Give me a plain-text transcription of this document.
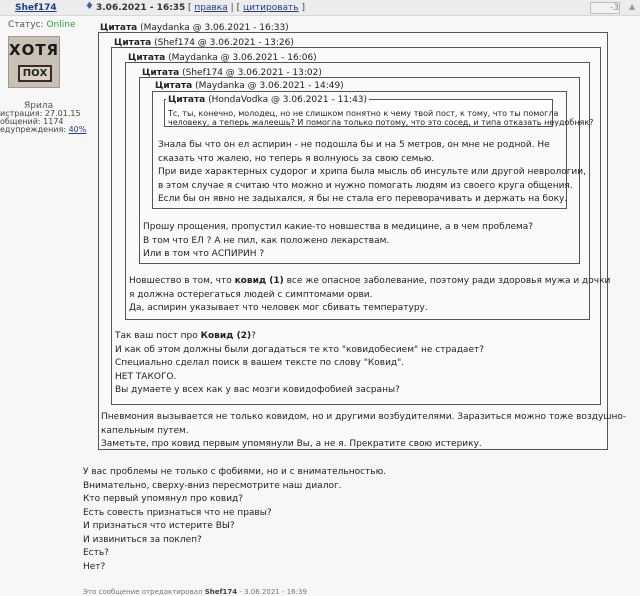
Shef174	♦ 3.06.2021 - 16:35 [ правка | [ цитировать ]	-3 ▲
Статус: Online
ХОТЯ
ПОХ
Ярила
истрация: 27.01.15
общений: 1174
едупреждения: 40%
Цитата (Maydanka @ 3.06.2021 - 16:33)
Цитата (Shef174 @ 3.06.2021 - 13:26)
Цитата (Maydanka @ 3.06.2021 - 16:06)
Цитата (Shef174 @ 3.06.2021 - 13:02)
Цитата (Maydanka @ 3.06.2021 - 14:49)
Цитата (HondaVodka @ 3.06.2021 - 11:43)
Тс, ты, конечно, молодец, но не слишком понятно к чему твой пост, к тому, что ты помогла
человеку, а теперь жалеешь? И помогла только потому, что это сосед, и типа отказать неудобняк?
Знала бы что он ел аспирин - не подошла бы и на 5 метров, он мне не родной. Не
сказать что жалею, но теперь я волнуюсь за свою семью.
При виде характерных судорог и хрипа была мысль об инсульте или другой неврологии,
в этом случае я считаю что можно и нужно помогать людям из своего круга общения.
Если бы он явно не задыхался, я бы не стала его переворачивать и держать на боку.
Прошу прощения, пропустил какие-то новшества в медицине, а в чем проблема?
В том что ЕЛ ? А не пил, как положено лекарствам.
Или в том что АСПИРИН ?
Новшество в том, что ковид (1) все же опасное заболевание, поэтому ради здоровья мужа и дочки
я должна остерегаться людей с симптомами орви.
Да, аспирин указывает что человек мог сбивать температуру.
Так ваш пост про Ковид (2)?
И как об этом должны были догадаться те кто "ковидобесием" не страдает?
Специально сделал поиск в вашем тексте по слову "Ковид".
НЕТ ТАКОГО.
Вы думаете у всех как у вас мозги ковидофобией засраны?
Пневмония вызывается не только ковидом, но и другими возбудителями. Заразиться можно тоже воздушно-
капельным путем.
Заметьте, про ковид первым упомянули Вы, а не я. Прекратите свою истерику.
У вас проблемы не только с фобиями, но и с внимательностью.
Внимательно, сверху-вниз пересмотрите наш диалог.
Кто первый упомянул про ковид?
Есть совесть признаться что не правы?
И признаться что истерите ВЫ?
И извиниться за поклеп?
Есть?
Нет?
Это сообщение отредактировал Shef174 - 3.06.2021 - 16:39
